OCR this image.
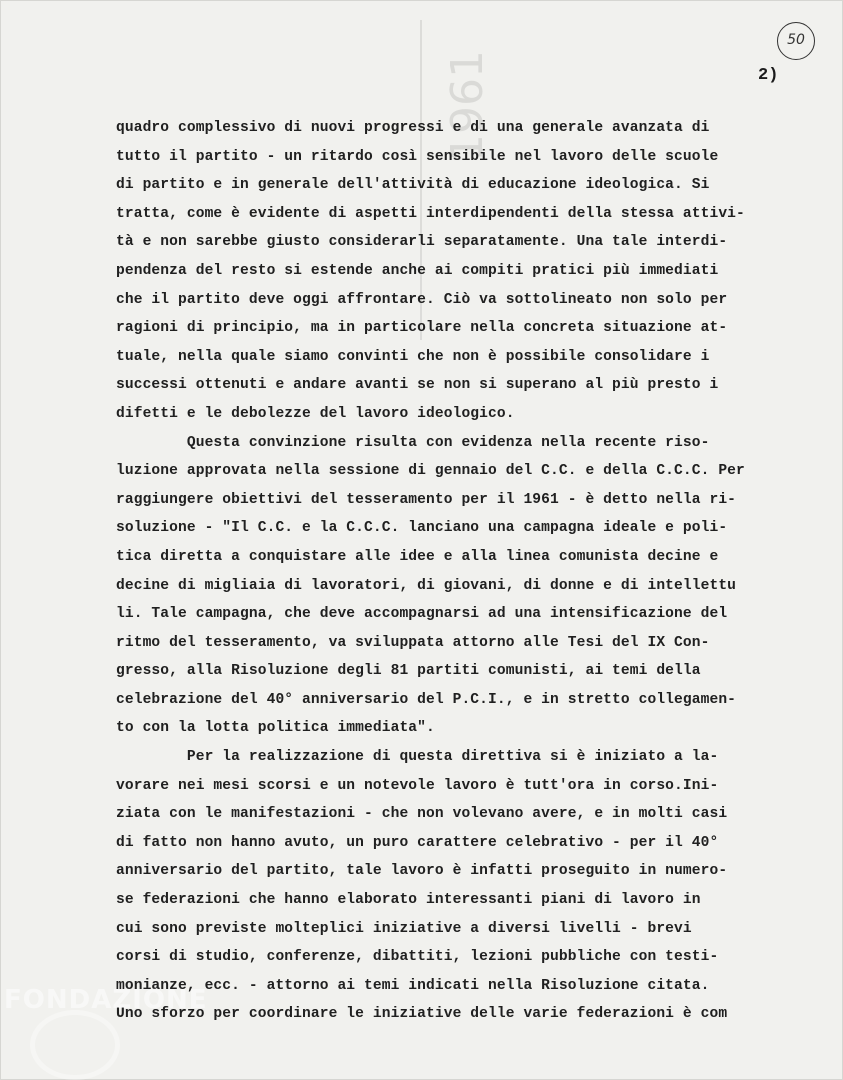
1961
50
2)
quadro complessivo di nuovi progressi e di una generale avanzata di
tutto il partito - un ritardo così sensibile nel lavoro delle scuole
di partito e in generale dell'attività di educazione ideologica. Si
tratta, come è evidente di aspetti interdipendenti della stessa attivi-
tà e non sarebbe giusto considerarli separatamente. Una tale interdi-
pendenza del resto si estende anche ai compiti pratici più immediati
che il partito deve oggi affrontare. Ciò va sottolineato non solo per
ragioni di principio, ma in particolare nella concreta situazione at-
tuale, nella quale siamo convinti che non è possibile consolidare i
successi ottenuti e andare avanti se non si superano al più presto i
difetti e le debolezze del lavoro ideologico.
Questa convinzione risulta con evidenza nella recente riso-
luzione approvata nella sessione di gennaio del C.C. e della C.C.C. Per
raggiungere obiettivi del tesseramento per il 1961 - è detto nella ri-
soluzione - "Il C.C. e la C.C.C. lanciano una campagna ideale e poli-
tica diretta a conquistare alle idee e alla linea comunista decine e
decine di migliaia di lavoratori, di giovani, di donne e di intellettu
li. Tale campagna, che deve accompagnarsi ad una intensificazione del
ritmo del tesseramento, va sviluppata attorno alle Tesi del IX Con-
gresso, alla Risoluzione degli 81 partiti comunisti, ai temi della
celebrazione del 40° anniversario del P.C.I., e in stretto collegamen-
to con la lotta politica immediata".
Per la realizzazione di questa direttiva si è iniziato a la-
vorare nei mesi scorsi e un notevole lavoro è tutt'ora in corso.Ini-
ziata con le manifestazioni - che non volevano avere, e in molti casi
di fatto non hanno avuto, un puro carattere celebrativo - per il 40°
anniversario del partito, tale lavoro è infatti proseguito in numero-
se federazioni che hanno elaborato interessanti piani di lavoro in
cui sono previste molteplici iniziative a diversi livelli - brevi
corsi di studio, conferenze, dibattiti, lezioni pubbliche con testi-
monianze, ecc. - attorno ai temi indicati nella Risoluzione citata.
Uno sforzo per coordinare le iniziative delle varie federazioni è com
FONDAZIONE
